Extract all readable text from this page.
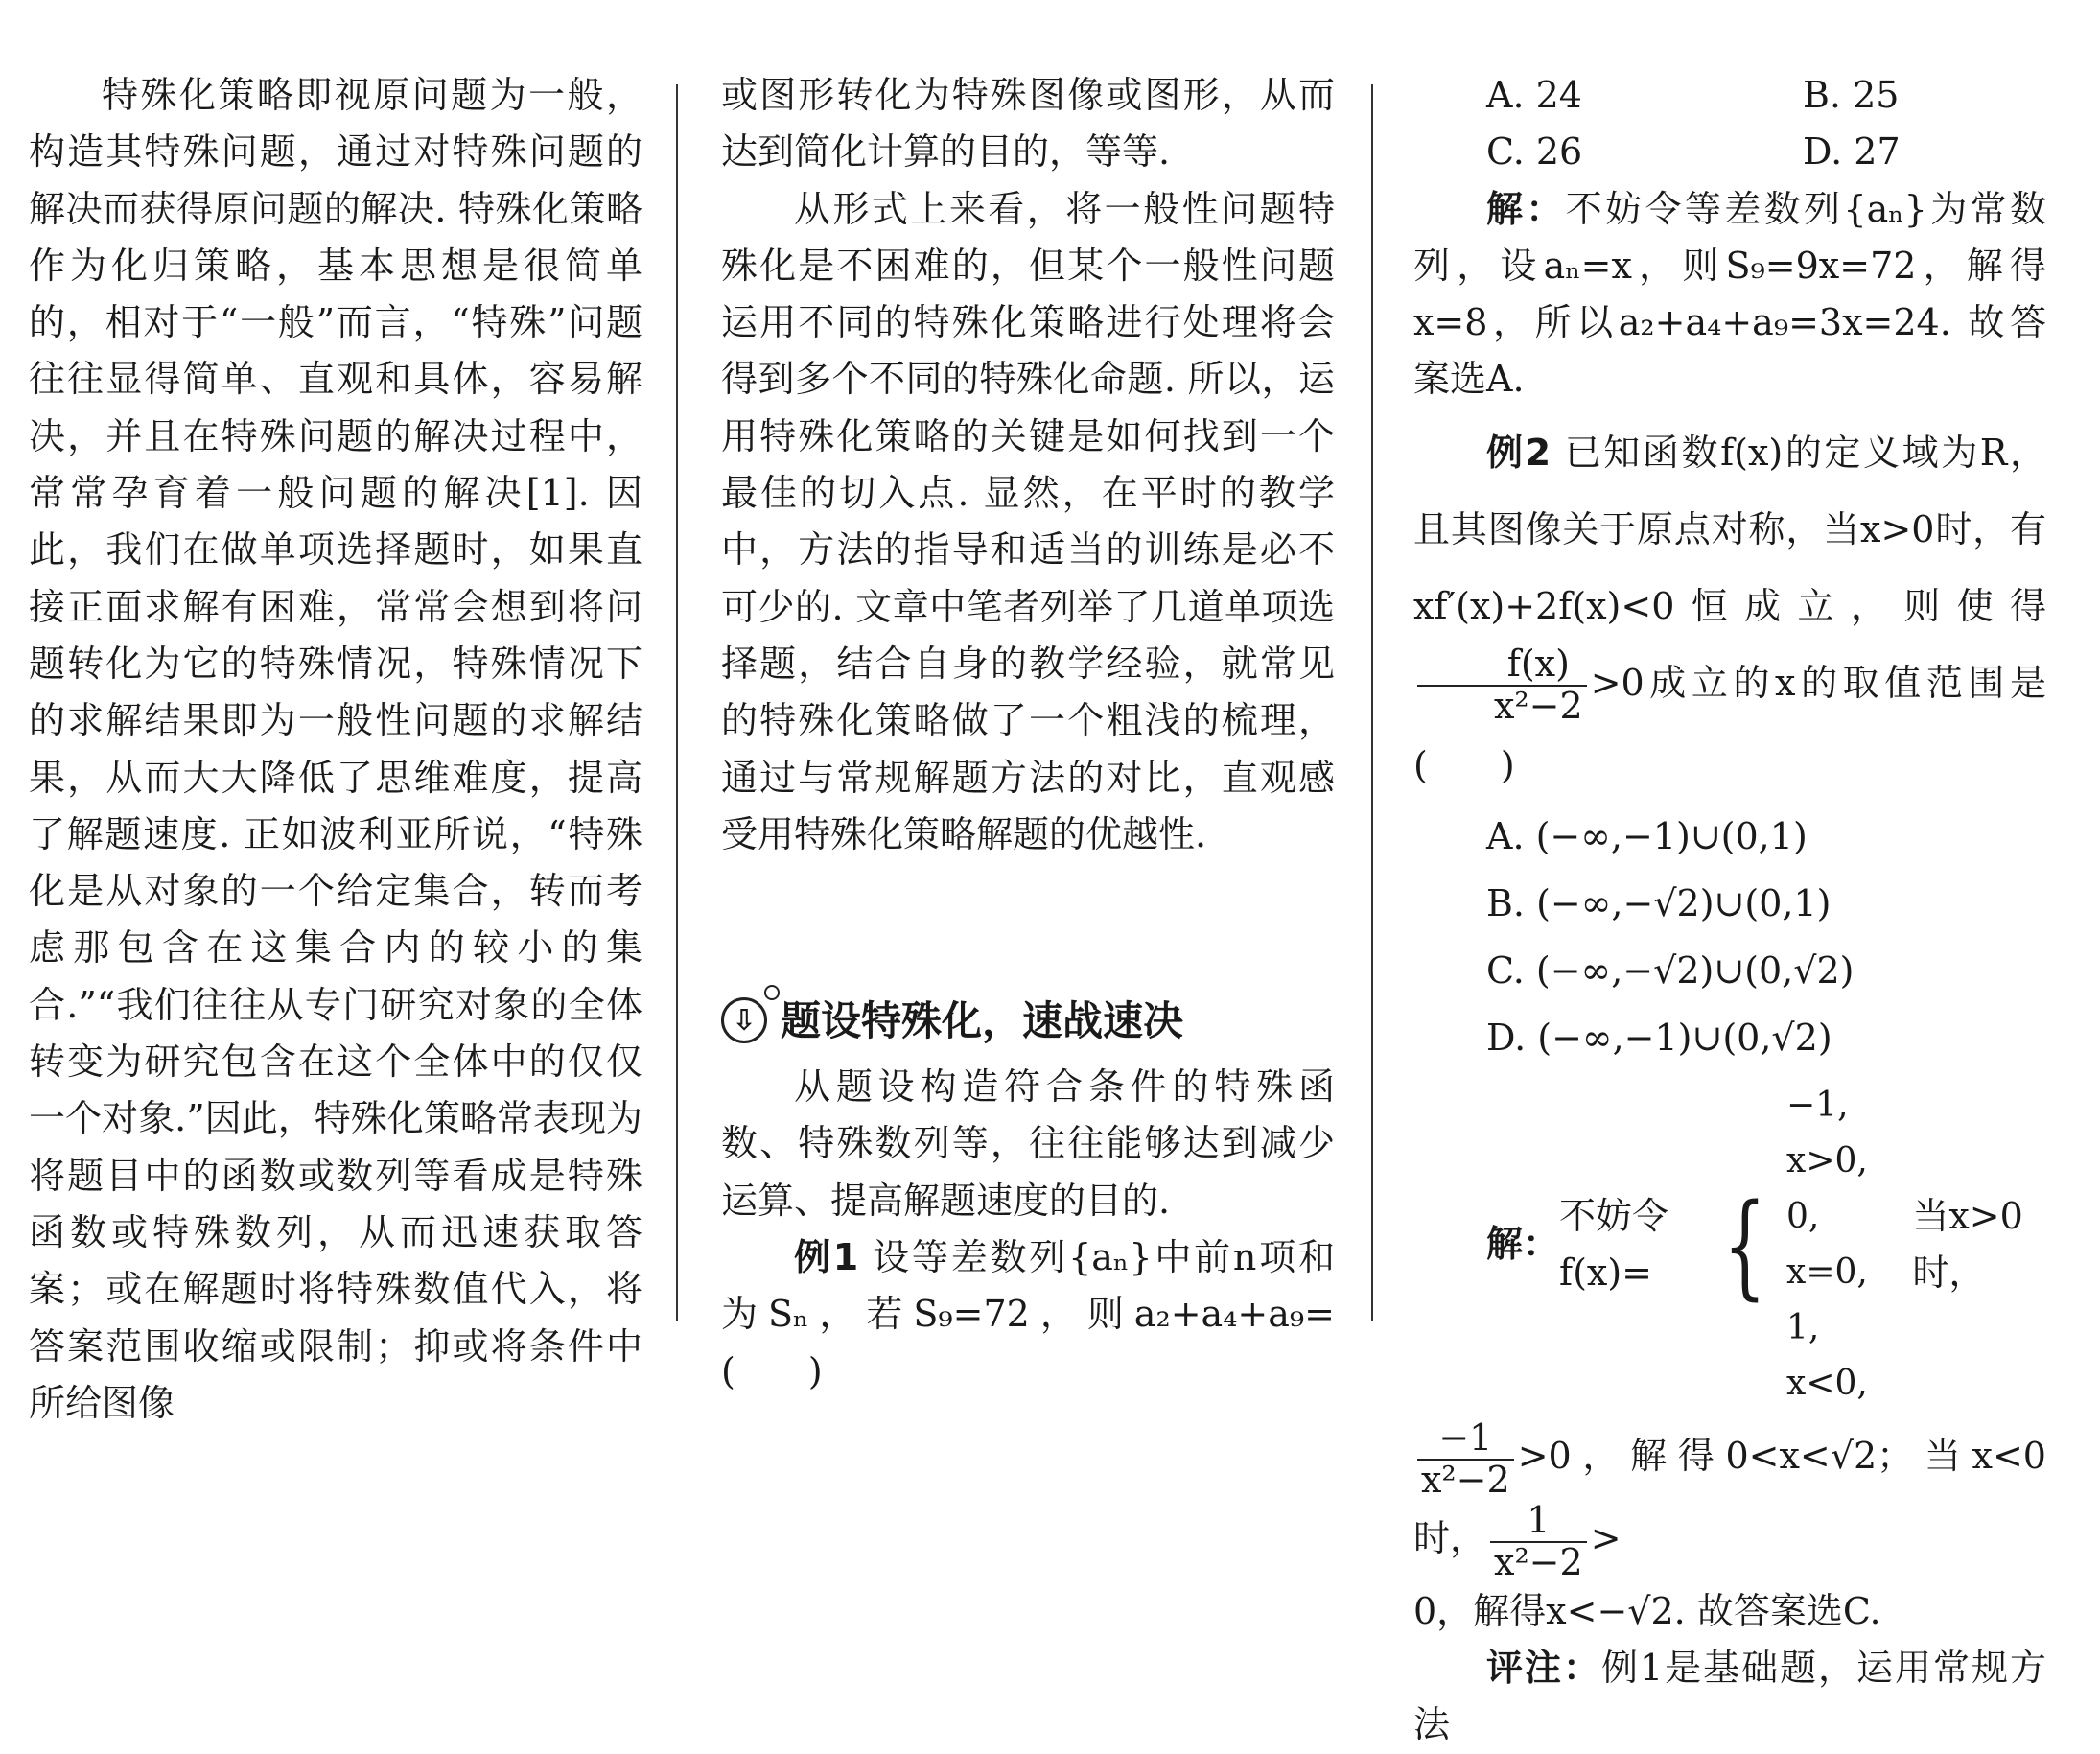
特殊化策略即视原问题为一般，构造其特殊问题，通过对特殊问题的解决而获得原问题的解决. 特殊化策略作为化归策略，基本思想是很简单的，相对于“一般”而言，“特殊”问题往往显得简单、直观和具体，容易解决，并且在特殊问题的解决过程中，常常孕育着一般问题的解决[1]. 因此，我们在做单项选择题时，如果直接正面求解有困难，常常会想到将问题转化为它的特殊情况，特殊情况下的求解结果即为一般性问题的求解结果，从而大大降低了思维难度，提高了解题速度. 正如波利亚所说，“特殊化是从对象的一个给定集合，转而考虑那包含在这集合内的较小的集合.”“我们往往从专门研究对象的全体转变为研究包含在这个全体中的仅仅一个对象.”因此，特殊化策略常表现为将题目中的函数或数列等看成是特殊函数或特殊数列，从而迅速获取答案；或在解题时将特殊数值代入，将答案范围收缩或限制；抑或将条件中所给图像

或图形转化为特殊图像或图形，从而达到简化计算的目的，等等.

从形式上来看，将一般性问题特殊化是不困难的，但某个一般性问题运用不同的特殊化策略进行处理将会得到多个不同的特殊化命题. 所以，运用特殊化策略的关键是如何找到一个最佳的切入点. 显然，在平时的教学中，方法的指导和适当的训练是必不可少的. 文章中笔者列举了几道单项选择题，结合自身的教学经验，就常见的特殊化策略做了一个粗浅的梳理，通过与常规解题方法的对比，直观感受用特殊化策略解题的优越性.

⇩ 题设特殊化，速战速决

从题设构造符合条件的特殊函数、特殊数列等，往往能够达到减少运算、提高解题速度的目的.

例1 设等差数列{aₙ}中前n项和为Sₙ，若S₉=72，则a₂+a₄+a₉=(　　)

A. 24	B. 25
C. 26	D. 27

解：不妨令等差数列{aₙ}为常数列，设aₙ=x，则S₉=9x=72，解得x=8，所以a₂+a₄+a₉=3x=24. 故答案选A.

例2 已知函数f(x)的定义域为R，且其图像关于原点对称，当x>0时，有xf′(x)+2f(x)<0恒成立，则使得
$\frac{f(x)}{\text{x²−2}} >0$成立的x的取值范围是(　　)

A. (−∞,−1)∪(0,1)
B. (−∞,−√2)∪(0,1)
C. (−∞,−√2)∪(0,√2)
D. (−∞,−1)∪(0,√2)
解：
不妨令f(x)= {
−1, x>0,
0, x=0,
1, x<0,
当x>0时，

$\frac{-1}{\text{x²−2}} >0$，解得0<x<√2；当x<0时， $\frac{1}{\text{x²−2}}$ >

0，解得x<−√2. 故答案选C.

评注：例1是基础题，运用常规方法
